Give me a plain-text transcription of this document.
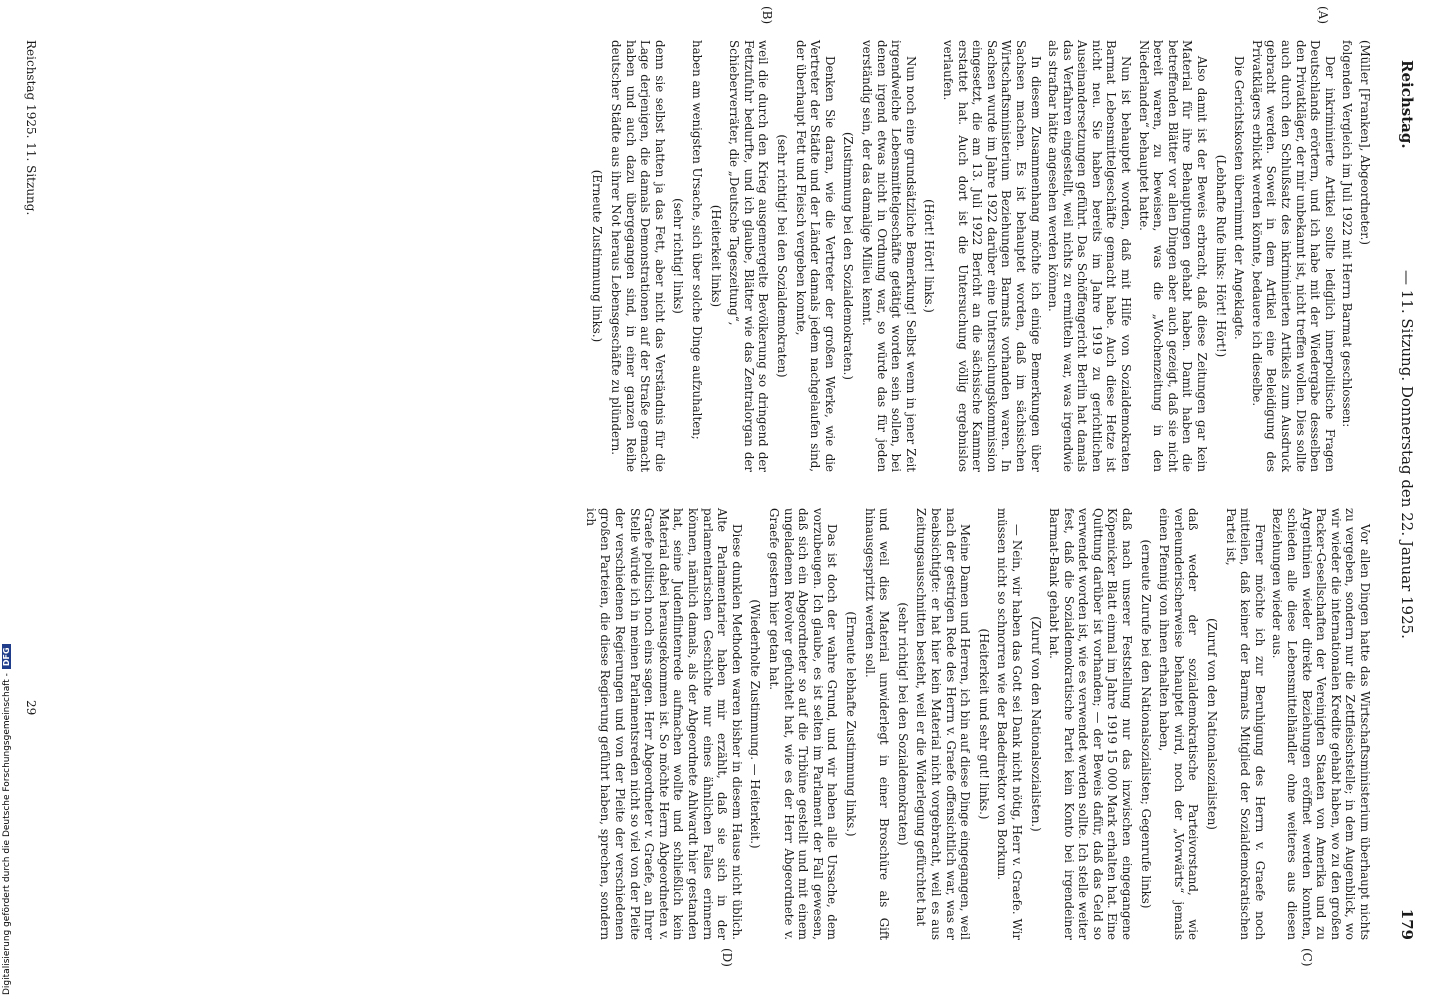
Reichstag.
— 11. Sitzung. Donnerstag den 22. Januar 1925.
179

(Müller [Franken], Abgeordneter.)

folgenden Vergleich im Juli 1922 mit Herrn Barmat geschlossen:

Der inkriminierte Artikel sollte lediglich innerpolitische Fragen Deutschlands erörtern, und ich habe mit der Wiedergabe desselben den Privatkläger, der mir unbekannt ist, nicht treffen wollen. Dies sollte auch durch den Schlußsatz des inkriminierten Artikels zum Ausdruck gebracht werden. Soweit in dem Artikel eine Beleidigung des Privatklägers erblickt werden könnte, bedauere ich dieselbe.

Die Gerichtskosten übernimmt der Angeklagte.

(Lebhafte Rufe links: Hört! Hört!)

Also damit ist der Beweis erbracht, daß diese Zeitungen gar kein Material für ihre Behauptungen gehabt haben. Damit haben die betreffenden Blätter vor allen Dingen aber auch gezeigt, daß sie nicht bereit waren, zu beweisen, was die „Wochenzeitung in den Niederlanden“ behauptet hatte.

Nun ist behauptet worden, daß mit Hilfe von Sozialdemokraten Barmat Lebensmittelgeschäfte gemacht habe. Auch diese Hetze ist nicht neu. Sie haben bereits im Jahre 1919 zu gerichtlichen Auseinandersetzungen geführt. Das Schöffengericht Berlin hat damals das Verfahren eingestellt, weil nichts zu ermitteln war, was irgendwie als strafbar hätte angesehen werden können.

In diesem Zusammenhang möchte ich einige Bemerkungen über Sachsen machen. Es ist behauptet worden, daß im sächsischen Wirtschaftsministerium Beziehungen Barmats vorhanden waren. In Sachsen wurde im Jahre 1922 darüber eine Untersuchungskommission eingesetzt, die am 13. Juli 1922 Bericht an die sächsische Kammer erstattet hat. Auch dort ist die Untersuchung völlig ergebnislos verlaufen.

(Hört! Hört! links.)

Nun noch eine grundsätzliche Bemerkung! Selbst wenn in jener Zeit irgendwelche Lebensmittelgeschäfte getätigt worden sein sollen, bei denen irgend etwas nicht in Ordnung war, so würde das für jeden verständig sein, der das damalige Milieu kennt.

(Zustimmung bei den Sozialdemokraten.)

Denken Sie daran, wie die Vertreter der großen Werke, wie die Vertreter der Städte und der Länder damals jedem nachgelaufen sind, der überhaupt Fett und Fleisch vergeben konnte,

(sehr richtig! bei den Sozialdemokraten)

weil die durch den Krieg ausgemergelte Bevölkerung so dringend der Fettzufuhr bedurfte, und ich glaube, Blätter wie das Zentralorgan der Schieberverräter, die „Deutsche Tageszeitung“,

(Heiterkeit links)

haben am wenigsten Ursache, sich über solche Dinge aufzuhalten;

(sehr richtig! links)

denn sie selbst hatten ja das Fett, aber nicht das Verständnis für die Lage derjenigen, die damals Demonstrationen auf der Straße gemacht haben und auch dazu übergegangen sind, in einer ganzen Reihe deutscher Städte aus ihrer Not heraus Lebensgeschäfte zu plündern.

(Erneute Zustimmung links.)

Vor allen Dingen hatte das Wirtschaftsministerium überhaupt nichts zu vergeben, sondern nur die Zettfleischstelle; in dem Augenblick, wo wir wieder die internationalen Kredite gehabt haben, wo zu den großen Packer-Gesellschaften der Vereinigten Staaten von Amerika und zu Argentinien wieder direkte Beziehungen eröffnet werden konnten, schieden alle diese Lebensmittelhändler ohne weiteres aus diesen Beziehungen wieder aus.

Ferner möchte ich zur Beruhigung des Herrn v. Graefe noch mitteilen, daß keiner der Barmats Mitglied der Sozialdemokratischen Partei ist,

(Zuruf von den Nationalsozialisten)

daß weder der sozialdemokratische Parteivorstand, wie verleumderischerweise behauptet wird, noch der „Vorwärts“ jemals einen Pfennig von ihnen erhalten haben,

(erneute Zurufe bei den Nationalsozialisten; Gegenrufe links)

daß nach unserer Feststellung nur das inzwischen eingegangene Köpenicker Blatt einmal im Jahre 1919 15 000 Mark erhalten hat. Eine Quittung darüber ist vorhanden; — der Beweis dafür, daß das Geld so verwendet worden ist, wie es verwendet werden sollte. Ich stelle weiter fest, daß die Sozialdemokratische Partei kein Konto bei irgendeiner Barmat-Bank gehabt hat.

(Zuruf von den Nationalsozialisten.)

— Nein, wir haben das Gott sei Dank nicht nötig, Herr v. Graefe. Wir müssen nicht so schnorren wie der Badedirektor von Borkum.

(Heiterkeit und sehr gut! links.)

Meine Damen und Herren, ich bin auf diese Dinge eingegangen, weil nach der gestrigen Rede des Herrn v. Graefe offensichtlich war, was er beabsichtigte: er hat hier kein Material nicht vorgebracht, weil es aus Zeitungsausschnitten besteht, weil er die Widerlegung gefürchtet hat

(sehr richtig! bei den Sozialdemokraten)

und weil dies Material unwiderlegt in einer Broschüre als Gift hinausgespritzt werden soll.

(Erneute lebhafte Zustimmung links.)

Das ist doch der wahre Grund, und wir haben alle Ursache, dem vorzubeugen. Ich glaube, es ist selten im Parlament der Fall gewesen, daß sich ein Abgeordneter so auf die Tribüne gestellt und mit einem ungeladenen Revolver gefuchtelt hat, wie es der Herr Abgeordnete v. Graefe gestern hier getan hat.

(Wiederholte Zustimmung. — Heiterkeit.)

Diese dunklen Methoden waren bisher in diesem Hause nicht üblich. Alte Parlamentarier haben mir erzählt, daß sie sich in der parlamentarischen Geschichte nur eines ähnlichen Falles erinnern können, nämlich damals, als der Abgeordnete Ahlwardt hier gestanden hat, seine Judenflintenrede aufmachen wollte und schließlich kein Material dabei herausgekommen ist. So möchte Herrn Abgeordneten v. Graefe politisch noch eins sagen. Herr Abgeordneter v. Graefe, an Ihrer Stelle würde ich in meinen Parlamentsreden nicht so viel von der Pleite der verschiedenen Regierungen und von der Pleite der verschiedenen großen Parteien, die diese Regierung geführt haben, sprechen, sondern ich

(A)
(B)
(C)
(D)
Reichstag 1925. 11. Sitzung.
29
Digitalisierung gefördert durch die Deutsche Forschungsgemeinschaft -DFG
